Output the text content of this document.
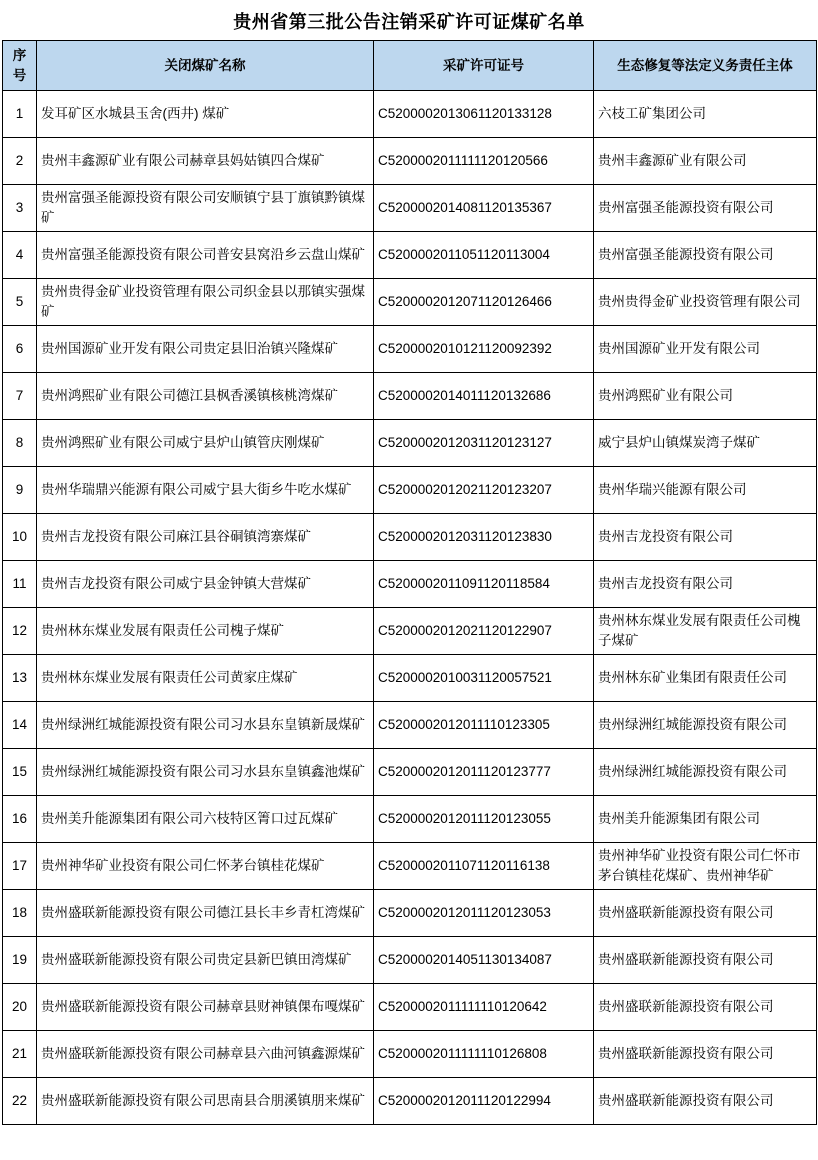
贵州省第三批公告注销采矿许可证煤矿名单
序号	关闭煤矿名称	采矿许可证号	生态修复等法定义务责任主体
1	发耳矿区水城县玉舍(西井) 煤矿	C5200002013061120133128	六枝工矿集团公司
2	贵州丰鑫源矿业有限公司赫章县妈姑镇四合煤矿	C5200002011111120120566	贵州丰鑫源矿业有限公司
3	贵州富强圣能源投资有限公司安顺镇宁县丁旗镇黔镇煤矿	C5200002014081120135367	贵州富强圣能源投资有限公司
4	贵州富强圣能源投资有限公司普安县窝沿乡云盘山煤矿	C5200002011051120113004	贵州富强圣能源投资有限公司
5	贵州贵得金矿业投资管理有限公司织金县以那镇实强煤矿	C5200002012071120126466	贵州贵得金矿业投资管理有限公司
6	贵州国源矿业开发有限公司贵定县旧治镇兴隆煤矿	C5200002010121120092392	贵州国源矿业开发有限公司
7	贵州鸿熙矿业有限公司德江县枫香溪镇核桃湾煤矿	C5200002014011120132686	贵州鸿熙矿业有限公司
8	贵州鸿熙矿业有限公司威宁县炉山镇管庆刚煤矿	C5200002012031120123127	威宁县炉山镇煤炭湾子煤矿
9	贵州华瑞鼎兴能源有限公司威宁县大街乡牛吃水煤矿	C5200002012021120123207	贵州华瑞兴能源有限公司
10	贵州吉龙投资有限公司麻江县谷硐镇湾寨煤矿	C5200002012031120123830	贵州吉龙投资有限公司
11	贵州吉龙投资有限公司威宁县金钟镇大营煤矿	C5200002011091120118584	贵州吉龙投资有限公司
12	贵州林东煤业发展有限责任公司槐子煤矿	C5200002012021120122907	贵州林东煤业发展有限责任公司槐子煤矿
13	贵州林东煤业发展有限责任公司黄家庄煤矿	C5200002010031120057521	贵州林东矿业集团有限责任公司
14	贵州绿洲红城能源投资有限公司习水县东皇镇新晟煤矿	C5200002012011110123305	贵州绿洲红城能源投资有限公司
15	贵州绿洲红城能源投资有限公司习水县东皇镇鑫池煤矿	C5200002012011120123777	贵州绿洲红城能源投资有限公司
16	贵州美升能源集团有限公司六枝特区箐口过瓦煤矿	C5200002012011120123055	贵州美升能源集团有限公司
17	贵州神华矿业投资有限公司仁怀茅台镇桂花煤矿	C5200002011071120116138	贵州神华矿业投资有限公司仁怀市茅台镇桂花煤矿、贵州神华矿
18	贵州盛联新能源投资有限公司德江县长丰乡青杠湾煤矿	C5200002012011120123053	贵州盛联新能源投资有限公司
19	贵州盛联新能源投资有限公司贵定县新巴镇田湾煤矿	C5200002014051130134087	贵州盛联新能源投资有限公司
20	贵州盛联新能源投资有限公司赫章县财神镇倮布嘎煤矿	C5200002011111110120642	贵州盛联新能源投资有限公司
21	贵州盛联新能源投资有限公司赫章县六曲河镇鑫源煤矿	C5200002011111110126808	贵州盛联新能源投资有限公司
22	贵州盛联新能源投资有限公司思南县合朋溪镇朋来煤矿	C5200002012011120122994	贵州盛联新能源投资有限公司
